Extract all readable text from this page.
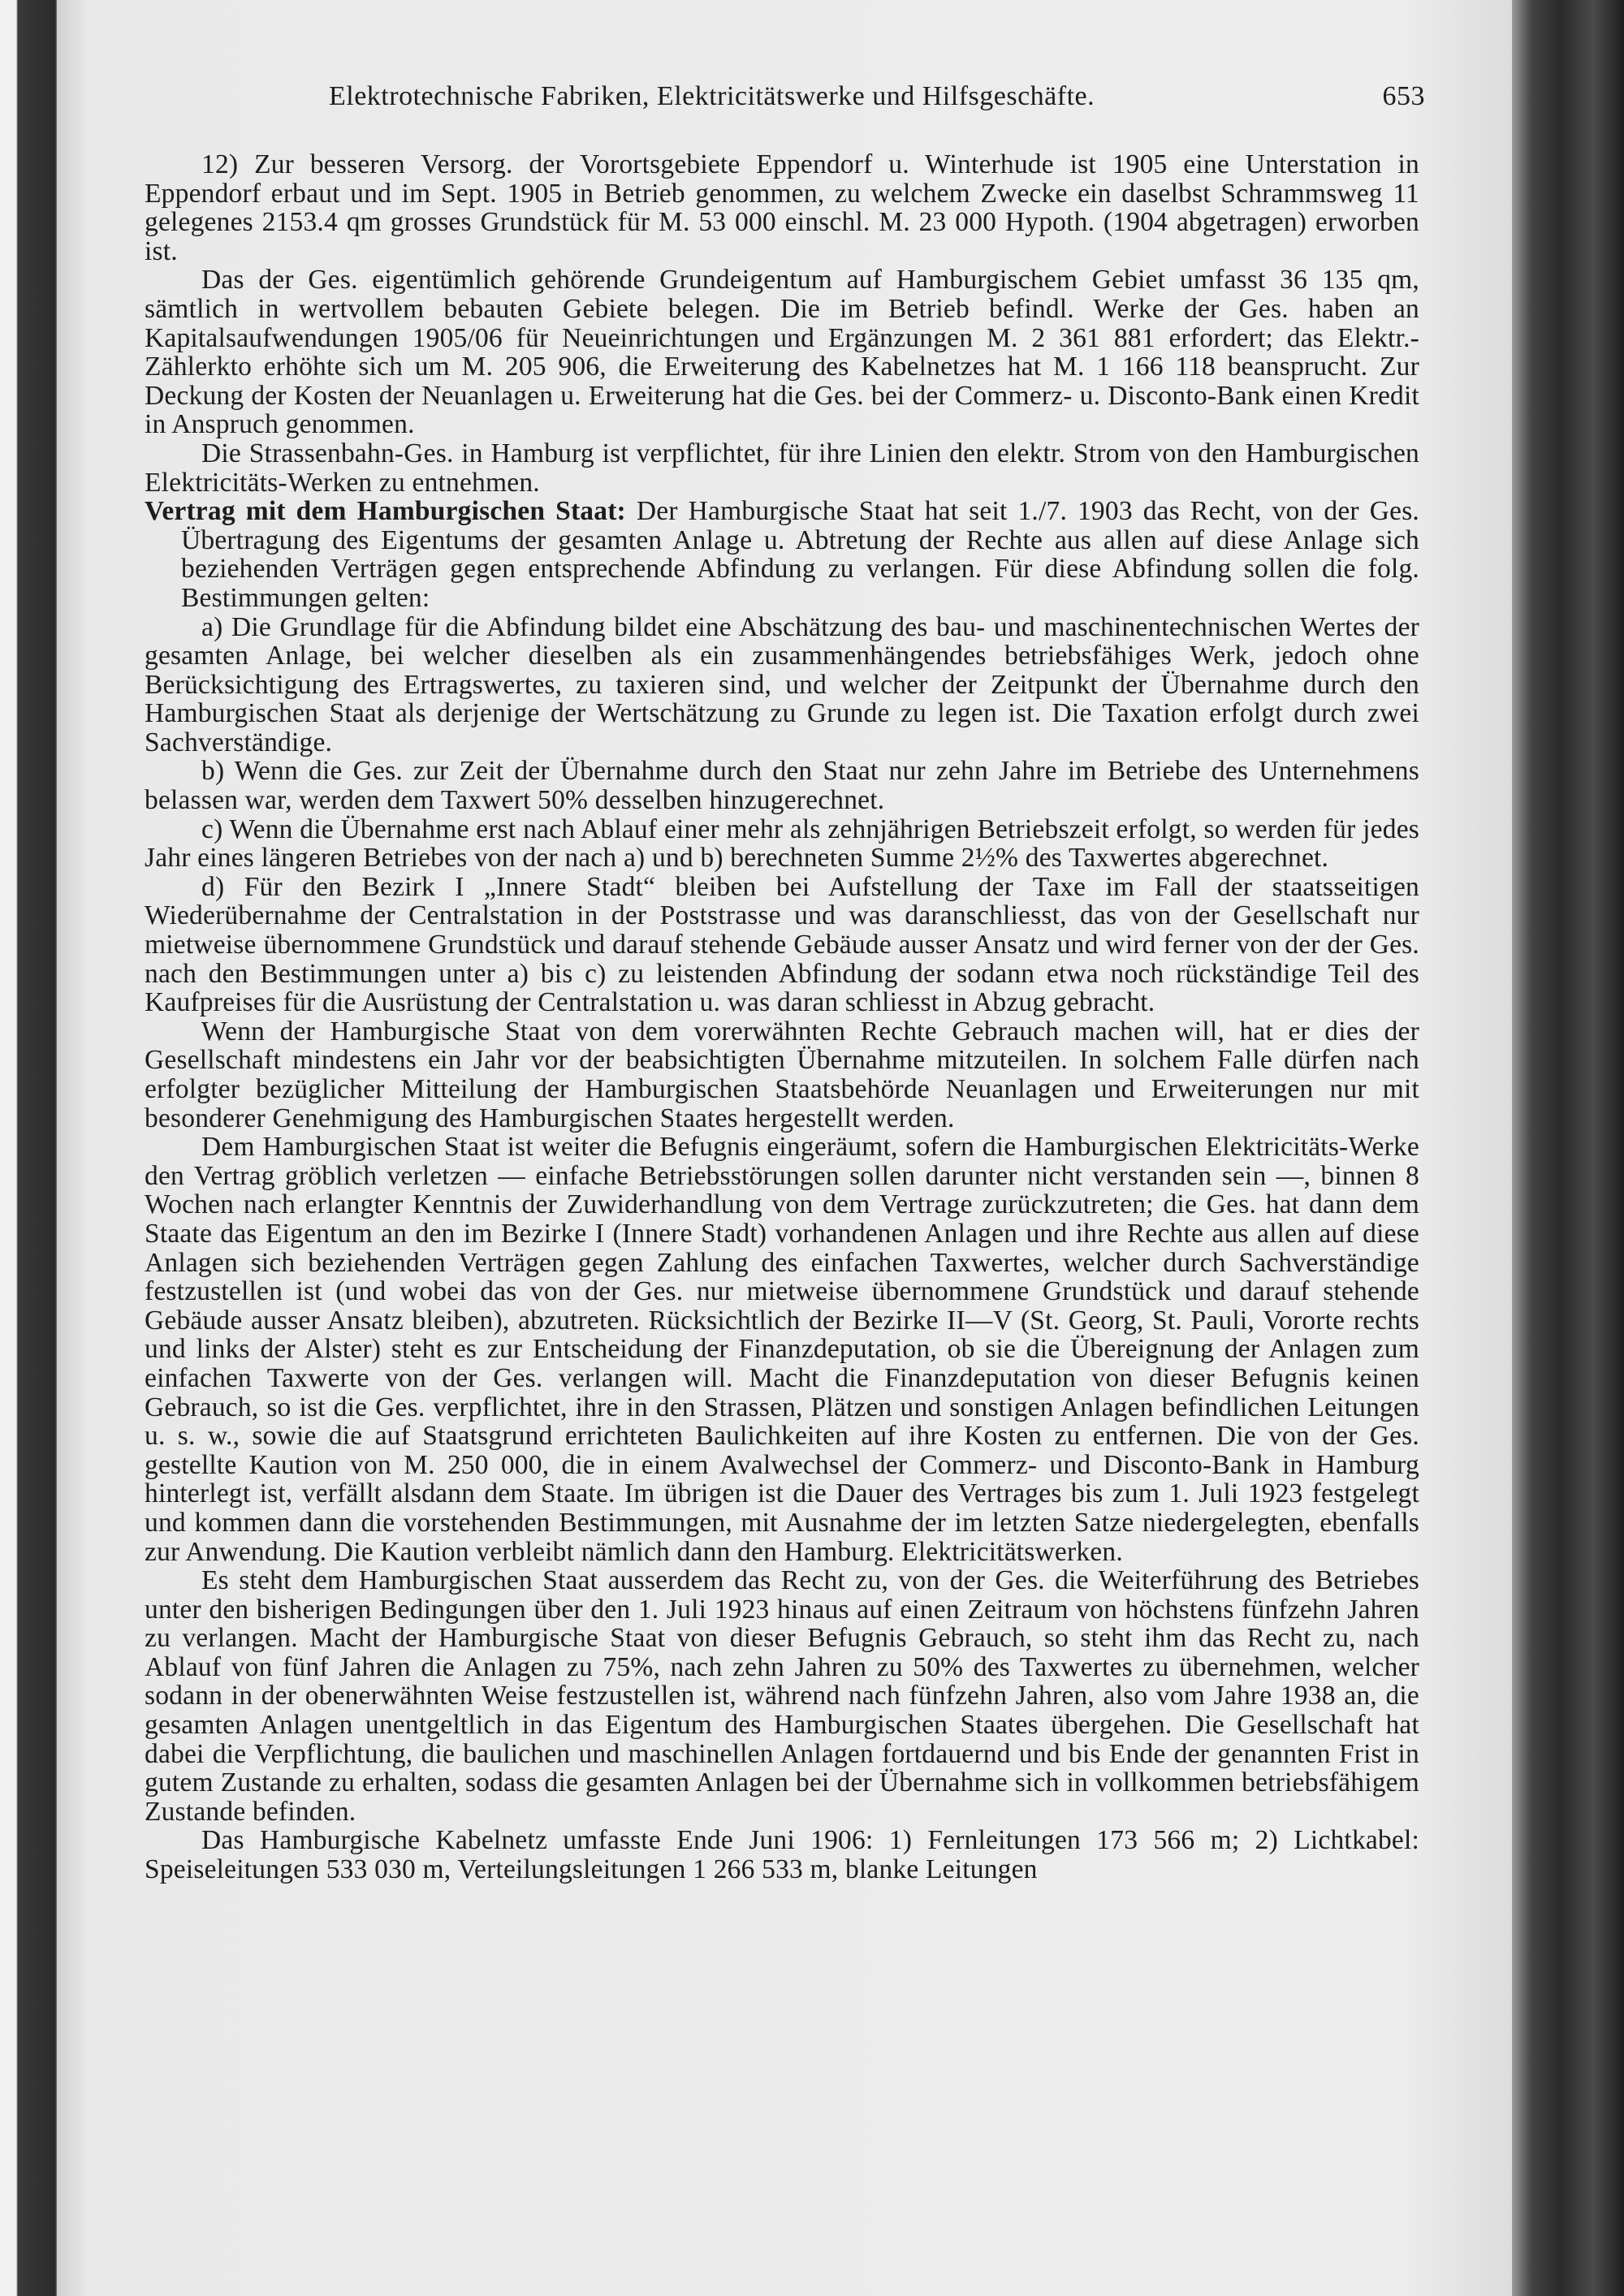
Elektrotechnische Fabriken, Elektricitätswerke und Hilfsgeschäfte.	653

12) Zur besseren Versorg. der Vorortsgebiete Eppendorf u. Winterhude ist 1905 eine Unterstation in Eppendorf erbaut und im Sept. 1905 in Betrieb genommen, zu welchem Zwecke ein daselbst Schrammsweg 11 gelegenes 2153.4 qm grosses Grundstück für M. 53 000 einschl. M. 23 000 Hypoth. (1904 abgetragen) erworben ist.

Das der Ges. eigentümlich gehörende Grundeigentum auf Hamburgischem Gebiet umfasst 36 135 qm, sämtlich in wertvollem bebauten Gebiete belegen. Die im Betrieb befindl. Werke der Ges. haben an Kapitalsaufwendungen 1905/06 für Neueinrichtungen und Ergänzungen M. 2 361 881 erfordert; das Elektr.-Zählerkto erhöhte sich um M. 205 906, die Erweiterung des Kabelnetzes hat M. 1 166 118 beansprucht. Zur Deckung der Kosten der Neuanlagen u. Erweiterung hat die Ges. bei der Commerz- u. Disconto-Bank einen Kredit in Anspruch genommen.

Die Strassenbahn-Ges. in Hamburg ist verpflichtet, für ihre Linien den elektr. Strom von den Hamburgischen Elektricitäts-Werken zu entnehmen.

Vertrag mit dem Hamburgischen Staat: Der Hamburgische Staat hat seit 1./7. 1903 das Recht, von der Ges. Übertragung des Eigentums der gesamten Anlage u. Abtretung der Rechte aus allen auf diese Anlage sich beziehenden Verträgen gegen entsprechende Abfindung zu verlangen. Für diese Abfindung sollen die folg. Bestimmungen gelten:

a) Die Grundlage für die Abfindung bildet eine Abschätzung des bau- und maschinentechnischen Wertes der gesamten Anlage, bei welcher dieselben als ein zusammenhängendes betriebsfähiges Werk, jedoch ohne Berücksichtigung des Ertragswertes, zu taxieren sind, und welcher der Zeitpunkt der Übernahme durch den Hamburgischen Staat als derjenige der Wertschätzung zu Grunde zu legen ist. Die Taxation erfolgt durch zwei Sachverständige.

b) Wenn die Ges. zur Zeit der Übernahme durch den Staat nur zehn Jahre im Betriebe des Unternehmens belassen war, werden dem Taxwert 50% desselben hinzugerechnet.

c) Wenn die Übernahme erst nach Ablauf einer mehr als zehnjährigen Betriebszeit erfolgt, so werden für jedes Jahr eines längeren Betriebes von der nach a) und b) berechneten Summe 2½% des Taxwertes abgerechnet.

d) Für den Bezirk I „Innere Stadt“ bleiben bei Aufstellung der Taxe im Fall der staatsseitigen Wiederübernahme der Centralstation in der Poststrasse und was daranschliesst, das von der Gesellschaft nur mietweise übernommene Grundstück und darauf stehende Gebäude ausser Ansatz und wird ferner von der der Ges. nach den Bestimmungen unter a) bis c) zu leistenden Abfindung der sodann etwa noch rückständige Teil des Kaufpreises für die Ausrüstung der Centralstation u. was daran schliesst in Abzug gebracht.

Wenn der Hamburgische Staat von dem vorerwähnten Rechte Gebrauch machen will, hat er dies der Gesellschaft mindestens ein Jahr vor der beabsichtigten Übernahme mitzuteilen. In solchem Falle dürfen nach erfolgter bezüglicher Mitteilung der Hamburgischen Staatsbehörde Neuanlagen und Erweiterungen nur mit besonderer Genehmigung des Hamburgischen Staates hergestellt werden.

Dem Hamburgischen Staat ist weiter die Befugnis eingeräumt, sofern die Hamburgischen Elektricitäts-Werke den Vertrag gröblich verletzen — einfache Betriebsstörungen sollen darunter nicht verstanden sein —, binnen 8 Wochen nach erlangter Kenntnis der Zuwiderhandlung von dem Vertrage zurückzutreten; die Ges. hat dann dem Staate das Eigentum an den im Bezirke I (Innere Stadt) vorhandenen Anlagen und ihre Rechte aus allen auf diese Anlagen sich beziehenden Verträgen gegen Zahlung des einfachen Taxwertes, welcher durch Sachverständige festzustellen ist (und wobei das von der Ges. nur mietweise übernommene Grundstück und darauf stehende Gebäude ausser Ansatz bleiben), abzutreten. Rücksichtlich der Bezirke II—V (St. Georg, St. Pauli, Vororte rechts und links der Alster) steht es zur Entscheidung der Finanzdeputation, ob sie die Übereignung der Anlagen zum einfachen Taxwerte von der Ges. verlangen will. Macht die Finanzdeputation von dieser Befugnis keinen Gebrauch, so ist die Ges. verpflichtet, ihre in den Strassen, Plätzen und sonstigen Anlagen befindlichen Leitungen u. s. w., sowie die auf Staatsgrund errichteten Baulichkeiten auf ihre Kosten zu entfernen. Die von der Ges. gestellte Kaution von M. 250 000, die in einem Avalwechsel der Commerz- und Disconto-Bank in Hamburg hinterlegt ist, verfällt alsdann dem Staate. Im übrigen ist die Dauer des Vertrages bis zum 1. Juli 1923 festgelegt und kommen dann die vorstehenden Bestimmungen, mit Ausnahme der im letzten Satze niedergelegten, ebenfalls zur Anwendung. Die Kaution verbleibt nämlich dann den Hamburg. Elektricitätswerken.

Es steht dem Hamburgischen Staat ausserdem das Recht zu, von der Ges. die Weiterführung des Betriebes unter den bisherigen Bedingungen über den 1. Juli 1923 hinaus auf einen Zeitraum von höchstens fünfzehn Jahren zu verlangen. Macht der Hamburgische Staat von dieser Befugnis Gebrauch, so steht ihm das Recht zu, nach Ablauf von fünf Jahren die Anlagen zu 75%, nach zehn Jahren zu 50% des Taxwertes zu übernehmen, welcher sodann in der obenerwähnten Weise festzustellen ist, während nach fünfzehn Jahren, also vom Jahre 1938 an, die gesamten Anlagen unentgeltlich in das Eigentum des Hamburgischen Staates übergehen. Die Gesellschaft hat dabei die Verpflichtung, die baulichen und maschinellen Anlagen fortdauernd und bis Ende der genannten Frist in gutem Zustande zu erhalten, sodass die gesamten Anlagen bei der Übernahme sich in vollkommen betriebsfähigem Zustande befinden.

Das Hamburgische Kabelnetz umfasste Ende Juni 1906: 1) Fernleitungen 173 566 m; 2) Lichtkabel: Speiseleitungen 533 030 m, Verteilungsleitungen 1 266 533 m, blanke Leitungen
